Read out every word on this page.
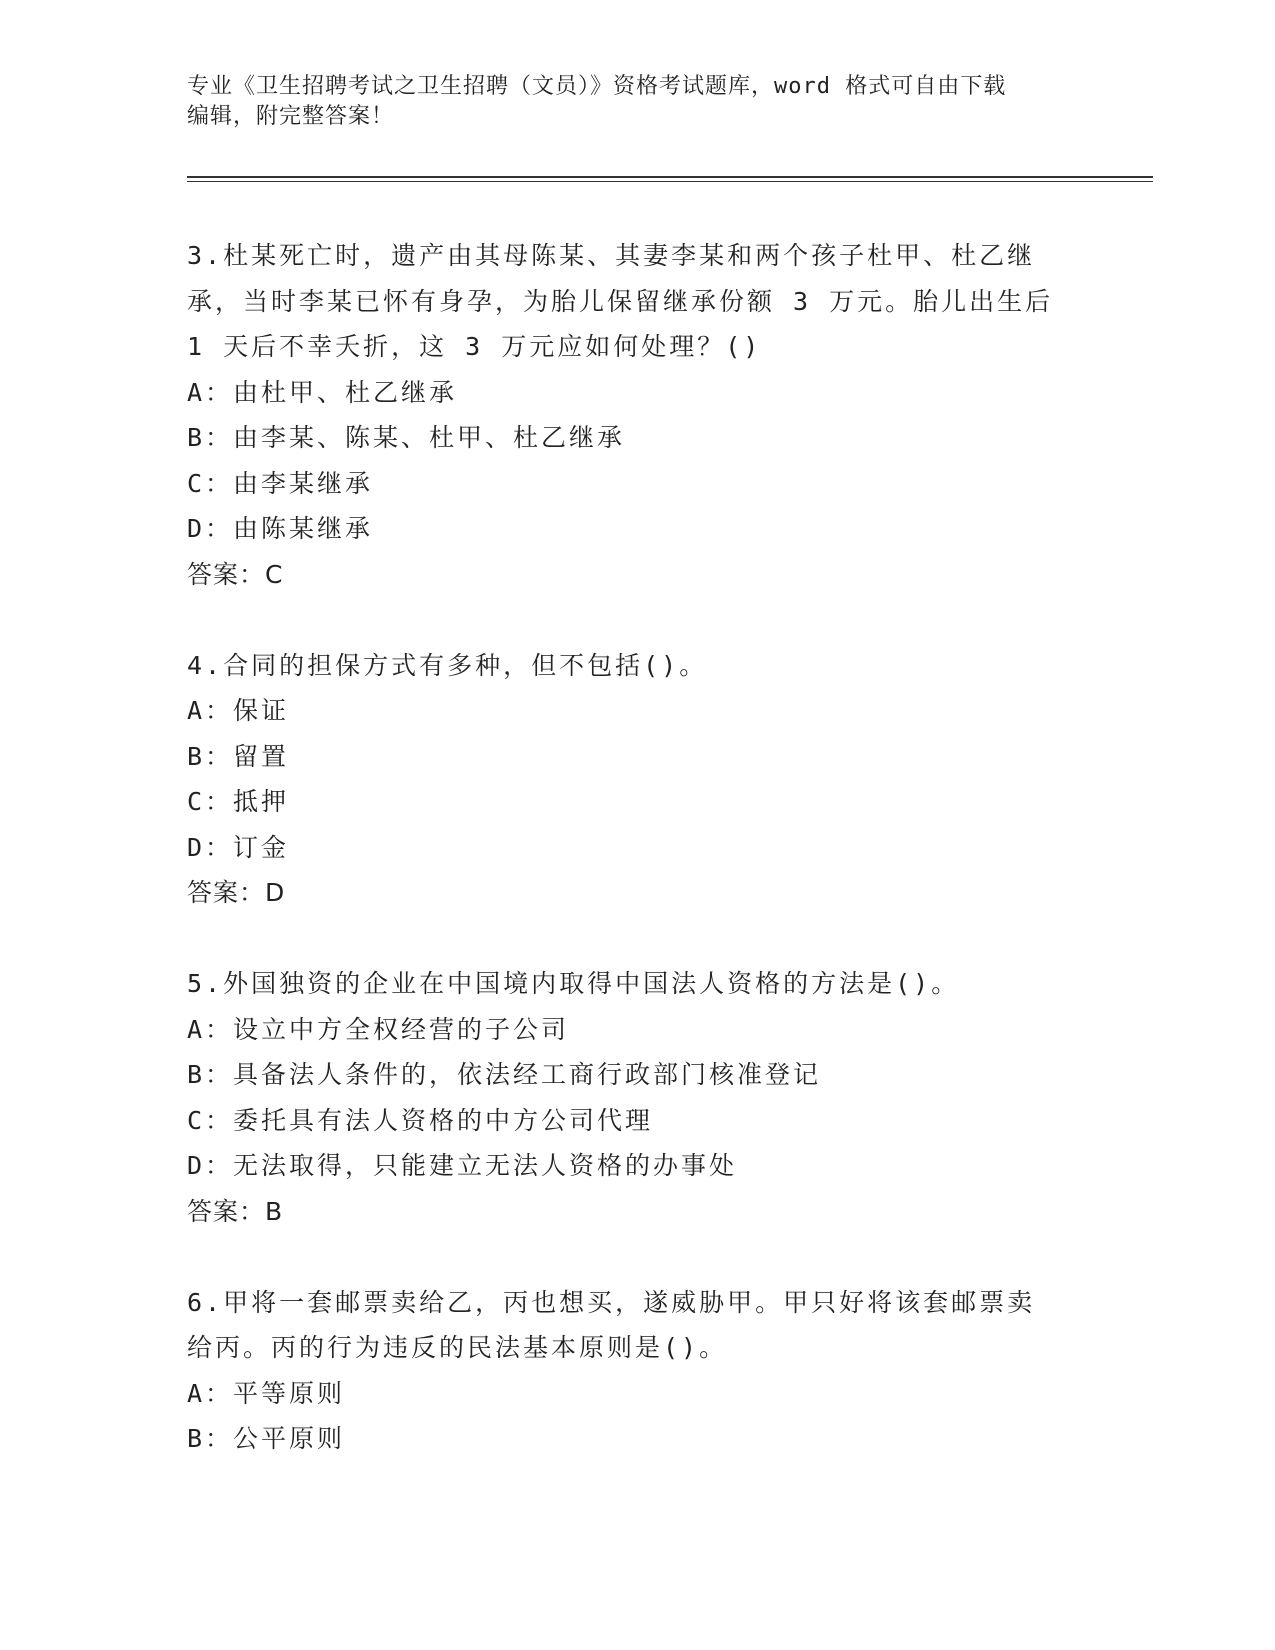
专业《卫生招聘考试之卫生招聘（文员）》资格考试题库，word 格式可自由下载
编辑，附完整答案！
3.杜某死亡时，遗产由其母陈某、其妻李某和两个孩子杜甲、杜乙继
承，当时李某已怀有身孕，为胎儿保留继承份额 3 万元。胎儿出生后
1 天后不幸夭折，这 3 万元应如何处理？()
A：由杜甲、杜乙继承
B：由李某、陈某、杜甲、杜乙继承
C：由李某继承
D：由陈某继承
答案：C
4.合同的担保方式有多种，但不包括()。
A：保证
B：留置
C：抵押
D：订金
答案：D
5.外国独资的企业在中国境内取得中国法人资格的方法是()。
A：设立中方全权经营的子公司
B：具备法人条件的，依法经工商行政部门核准登记
C：委托具有法人资格的中方公司代理
D：无法取得，只能建立无法人资格的办事处
答案：B
6.甲将一套邮票卖给乙，丙也想买，遂威胁甲。甲只好将该套邮票卖
给丙。丙的行为违反的民法基本原则是()。
A：平等原则
B：公平原则
